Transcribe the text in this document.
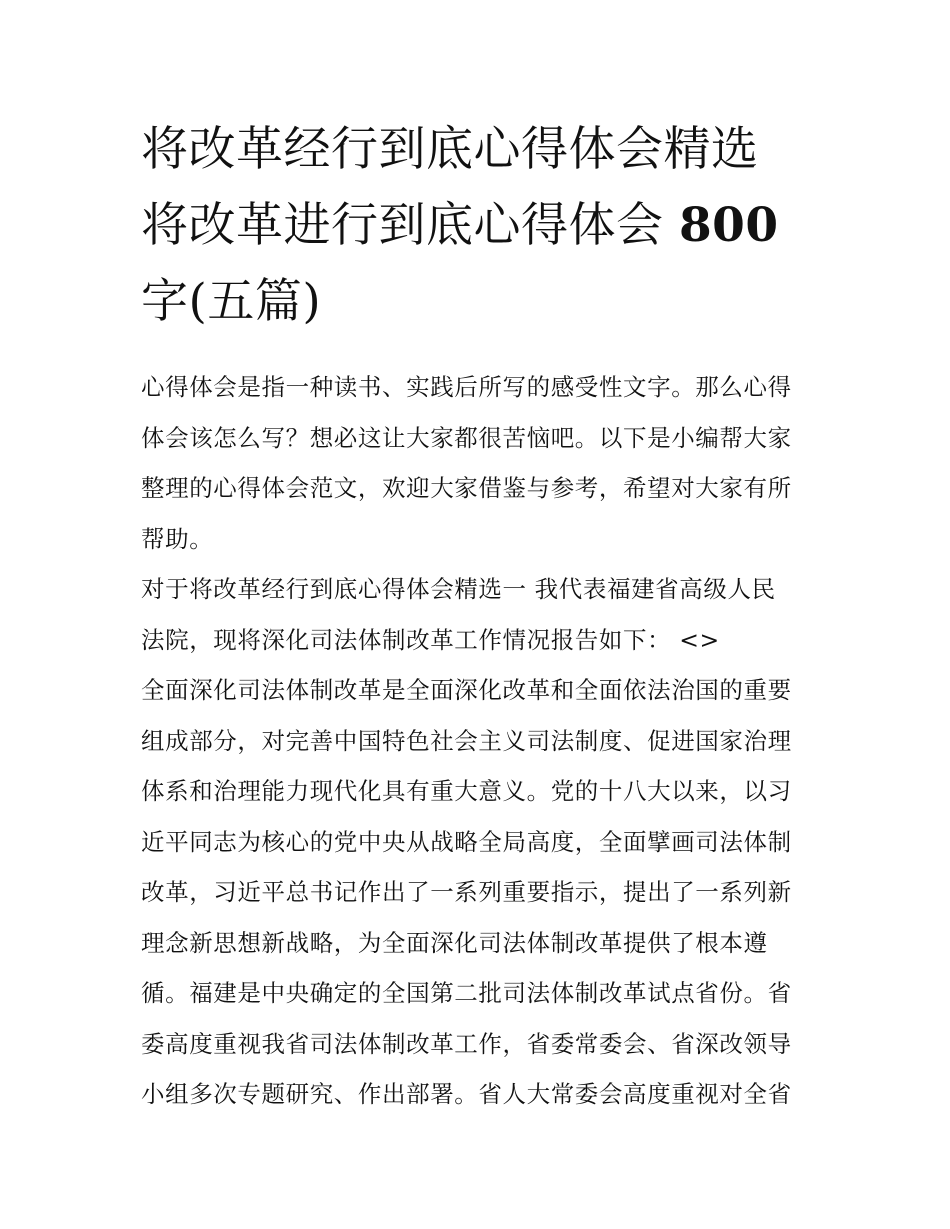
将改革经行到底心得体会精选
将改革进行到底心得体会 800
字(五篇)

心得体会是指一种读书、实践后所写的感受性文字。那么心得
体会该怎么写？想必这让大家都很苦恼吧。以下是小编帮大家
整理的心得体会范文，欢迎大家借鉴与参考，希望对大家有所
帮助。

对于将改革经行到底心得体会精选一 我代表福建省高级人民
法院，现将深化司法体制改革工作情况报告如下： <>

全面深化司法体制改革是全面深化改革和全面依法治国的重要
组成部分，对完善中国特色社会主义司法制度、促进国家治理
体系和治理能力现代化具有重大意义。党的十八大以来，以习
近平同志为核心的党中央从战略全局高度，全面擘画司法体制
改革，习近平总书记作出了一系列重要指示，提出了一系列新
理念新思想新战略，为全面深化司法体制改革提供了根本遵
循。福建是中央确定的全国第二批司法体制改革试点省份。省
委高度重视我省司法体制改革工作，省委常委会、省深改领导
小组多次专题研究、作出部署。省人大常委会高度重视对全省
